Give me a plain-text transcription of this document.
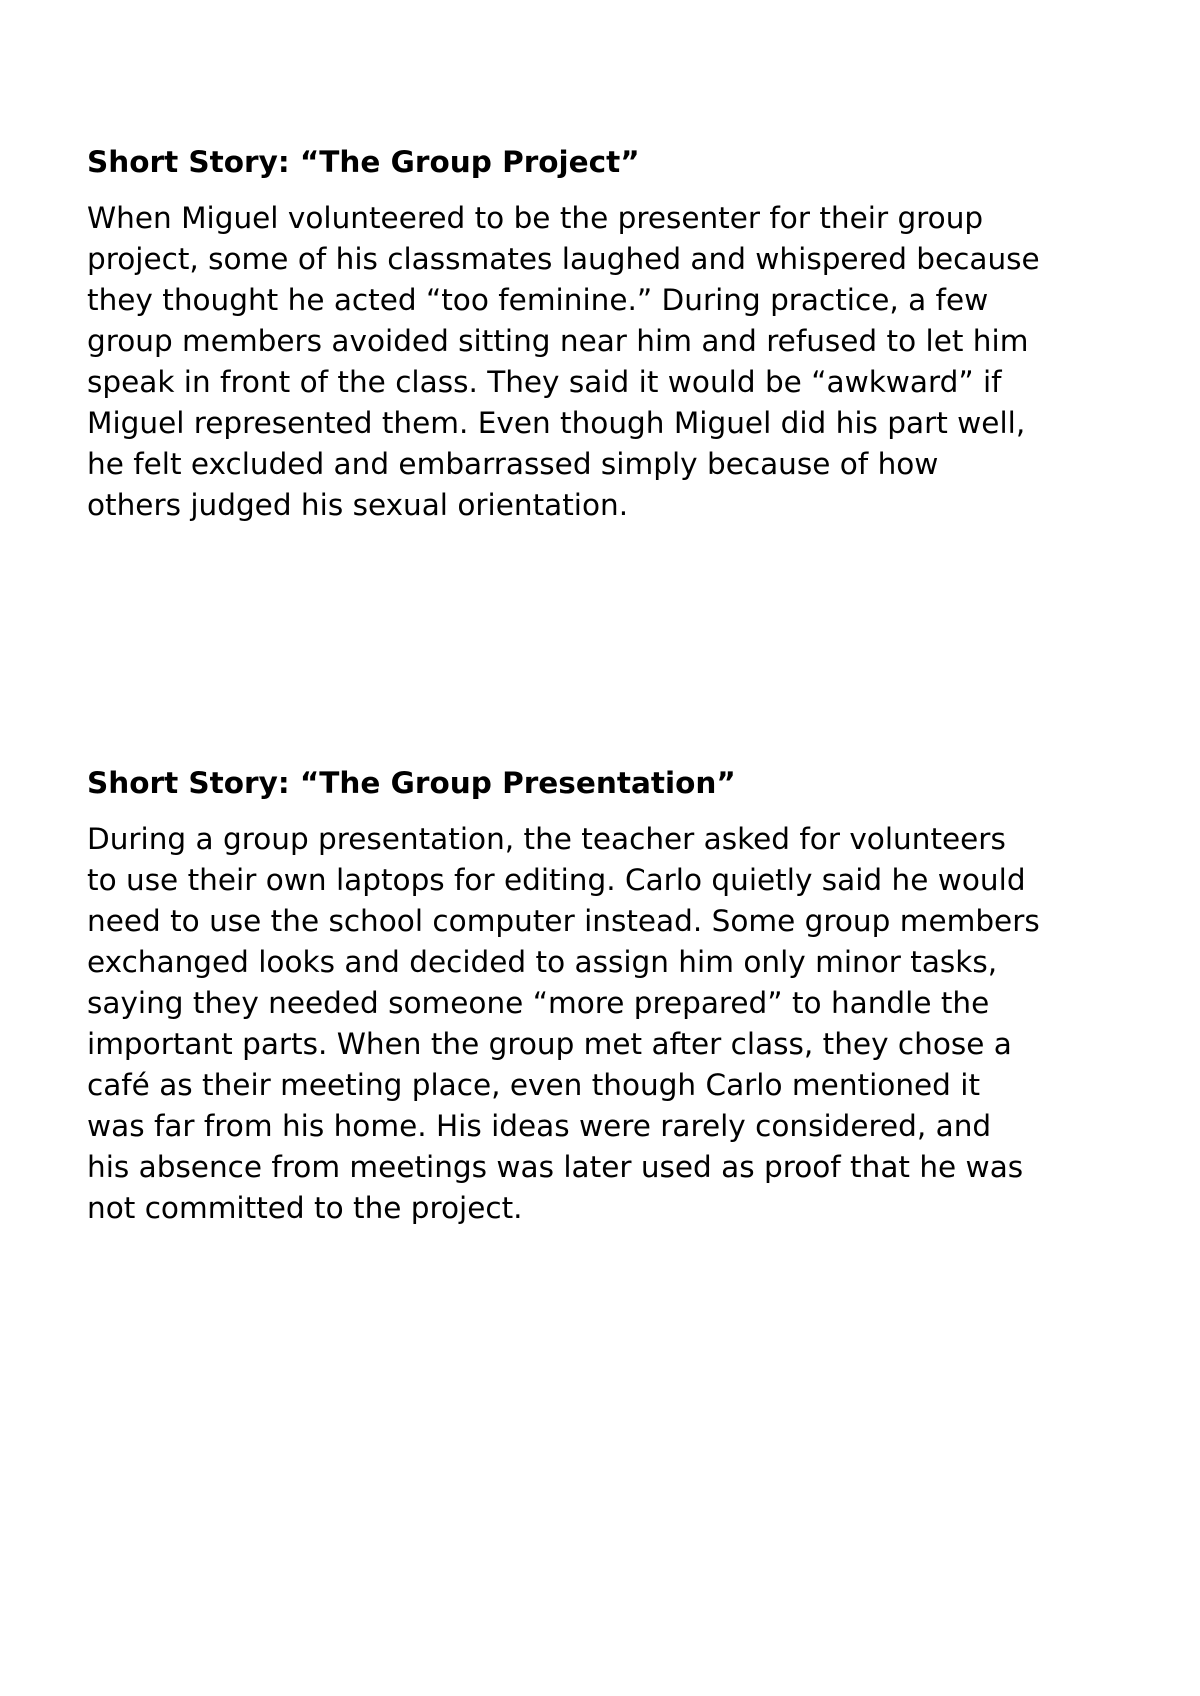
Short Story: “The Group Project”

When Miguel volunteered to be the presenter for their group
project, some of his classmates laughed and whispered because
they thought he acted “too feminine.” During practice, a few
group members avoided sitting near him and refused to let him
speak in front of the class. They said it would be “awkward” if
Miguel represented them. Even though Miguel did his part well,
he felt excluded and embarrassed simply because of how
others judged his sexual orientation.

Short Story: “The Group Presentation”

During a group presentation, the teacher asked for volunteers
to use their own laptops for editing. Carlo quietly said he would
need to use the school computer instead. Some group members
exchanged looks and decided to assign him only minor tasks,
saying they needed someone “more prepared” to handle the
important parts. When the group met after class, they chose a
café as their meeting place, even though Carlo mentioned it
was far from his home. His ideas were rarely considered, and
his absence from meetings was later used as proof that he was
not committed to the project.
